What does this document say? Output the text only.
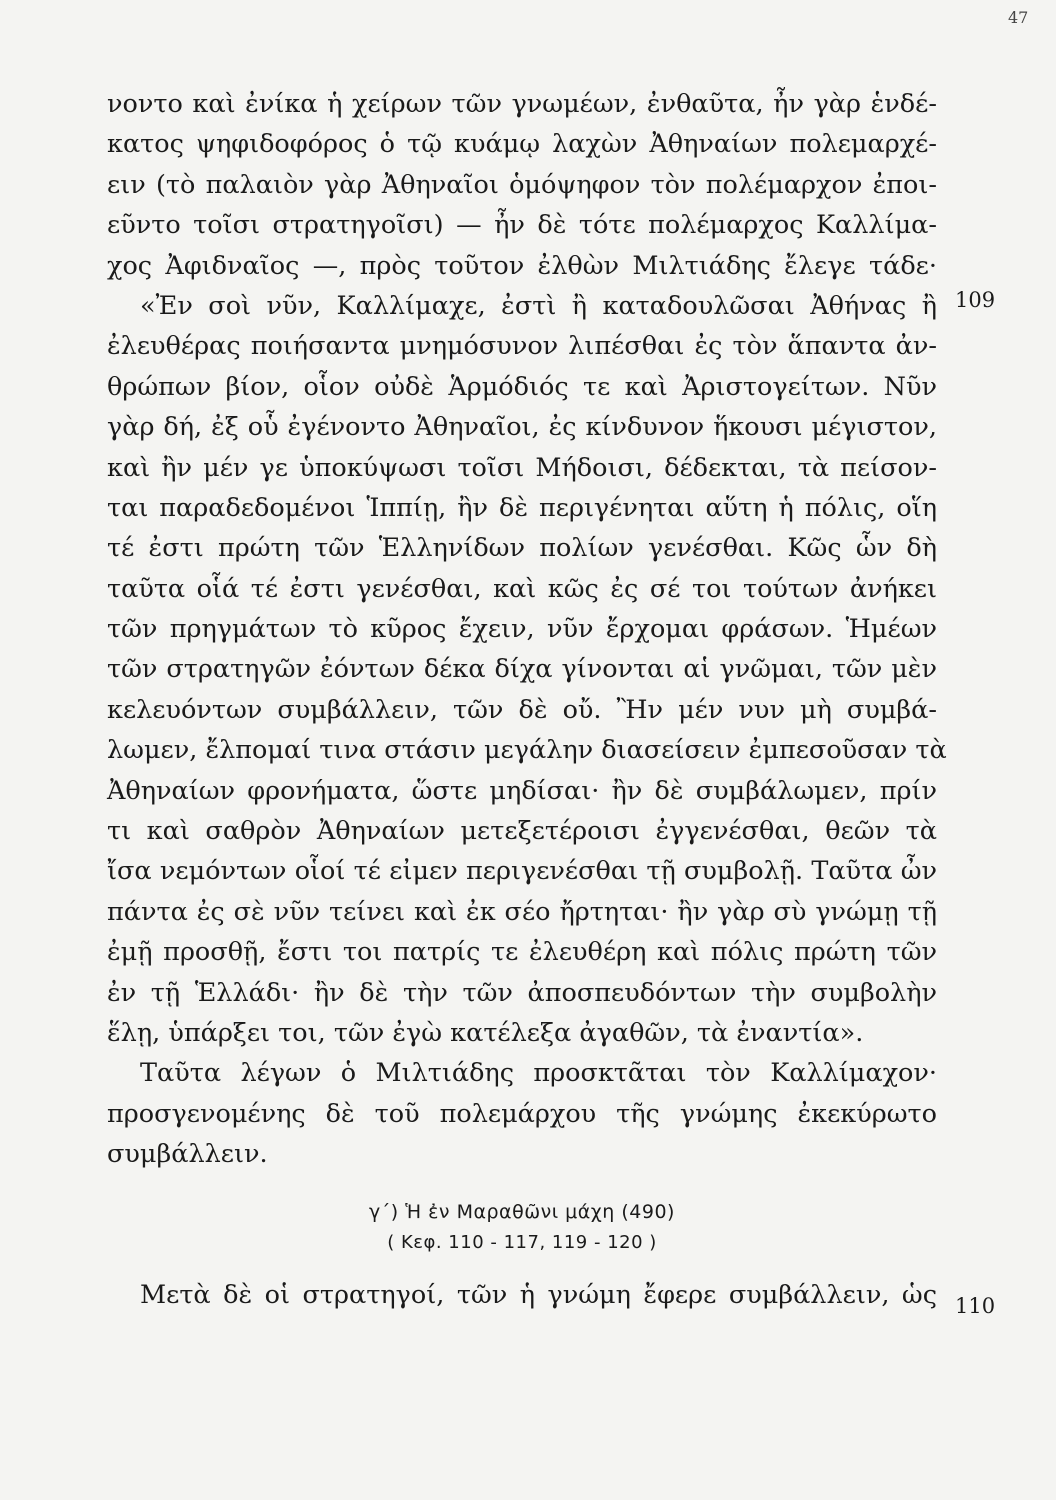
47
109
110
νοντο καὶ ἐνίκα ἡ χείρων τῶν γνωμέων, ἐνθαῦτα, ἦν γὰρ ἑνδέ-
κατος ψηφιδοφόρος ὁ τῷ κυάμῳ λαχὼν Ἀθηναίων πολεμαρχέ-
ειν (τὸ παλαιὸν γὰρ Ἀθηναῖοι ὁμόψηφον τὸν πολέμαρχον ἐποι-
εῦντο τοῖσι στρατηγοῖσι) — ἦν δὲ τότε πολέμαρχος Καλλίμα-
χος Ἀφιδναῖος —, πρὸς τοῦτον ἐλθὼν Μιλτιάδης ἔλεγε τάδε·
«Ἐν σοὶ νῦν, Καλλίμαχε, ἐστὶ ἢ καταδουλῶσαι Ἀθήνας ἢ
ἐλευθέρας ποιήσαντα μνημόσυνον λιπέσθαι ἐς τὸν ἅπαντα ἀν-
θρώπων βίον, οἷον οὐδὲ Ἁρμόδιός τε καὶ Ἀριστογείτων. Νῦν
γὰρ δή, ἐξ οὗ ἐγένοντο Ἀθηναῖοι, ἐς κίνδυνον ἥκουσι μέγιστον,
καὶ ἢν μέν γε ὑποκύψωσι τοῖσι Μήδοισι, δέδεκται, τὰ πείσον-
ται παραδεδομένοι Ἱππίῃ, ἢν δὲ περιγένηται αὕτη ἡ πόλις, οἵη
τέ ἐστι πρώτη τῶν Ἑλληνίδων πολίων γενέσθαι. Κῶς ὧν δὴ
ταῦτα οἷά τέ ἐστι γενέσθαι, καὶ κῶς ἐς σέ τοι τούτων ἀνήκει
τῶν πρηγμάτων τὸ κῦρος ἔχειν, νῦν ἔρχομαι φράσων. Ἡμέων
τῶν στρατηγῶν ἐόντων δέκα δίχα γίνονται αἱ γνῶμαι, τῶν μὲν
κελευόντων συμβάλλειν, τῶν δὲ οὔ. Ἢν μέν νυν μὴ συμβά-
λωμεν, ἔλπομαί τινα στάσιν μεγάλην διασείσειν ἐμπεσοῦσαν τὰ
Ἀθηναίων φρονήματα, ὥστε μηδίσαι· ἢν δὲ συμβάλωμεν, πρίν
τι καὶ σαθρὸν Ἀθηναίων μετεξετέροισι ἐγγενέσθαι, θεῶν τὰ
ἴσα νεμόντων οἷοί τέ εἰμεν περιγενέσθαι τῇ συμβολῇ. Ταῦτα ὦν
πάντα ἐς σὲ νῦν τείνει καὶ ἐκ σέο ἤρτηται· ἢν γὰρ σὺ γνώμῃ τῇ
ἐμῇ προσθῇ, ἔστι τοι πατρίς τε ἐλευθέρη καὶ πόλις πρώτη τῶν
ἐν τῇ Ἑλλάδι· ἢν δὲ τὴν τῶν ἀποσπευδόντων τὴν συμβολὴν
ἕλῃ, ὑπάρξει τοι, τῶν ἐγὼ κατέλεξα ἀγαθῶν, τὰ ἐναντία».
Ταῦτα λέγων ὁ Μιλτιάδης προσκτᾶται τὸν Καλλίμαχον·
προσγενομένης δὲ τοῦ πολεμάρχου τῆς γνώμης ἐκεκύρωτο
συμβάλλειν.
γ΄) Ἡ ἐν Μαραθῶνι μάχη (490)
( Κεφ. 110 - 117, 119 - 120 )
Μετὰ δὲ οἱ στρατηγοί, τῶν ἡ γνώμη ἔφερε συμβάλλειν, ὡς
